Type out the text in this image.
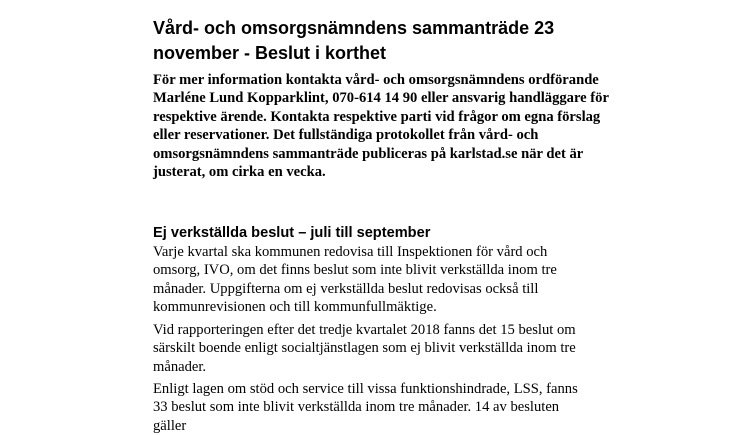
Vård- och omsorgsnämndens sammanträde 23 november - Beslut i korthet

För mer information kontakta vård- och omsorgsnämndens ordförande Marléne Lund Kopparklint, 070-614 14 90 eller ansvarig handläggare för respektive ärende. Kontakta respektive parti vid frågor om egna förslag eller reservationer. Det fullständiga protokollet från vård- och omsorgsnämndens sammanträde publiceras på karlstad.se när det är justerat, om cirka en vecka.

Ej verkställda beslut – juli till september

Varje kvartal ska kommunen redovisa till Inspektionen för vård och omsorg, IVO, om det finns beslut som inte blivit verkställda inom tre månader. Uppgifterna om ej verkställda beslut redovisas också till kommunrevisionen och till kommunfullmäktige.

Vid rapporteringen efter det tredje kvartalet 2018 fanns det 15 beslut om särskilt boende enligt socialtjänstlagen som ej blivit verkställda inom tre månader.

Enligt lagen om stöd och service till vissa funktionshindrade, LSS, fanns 33 beslut som inte blivit verkställda inom tre månader. 14 av besluten gäller
